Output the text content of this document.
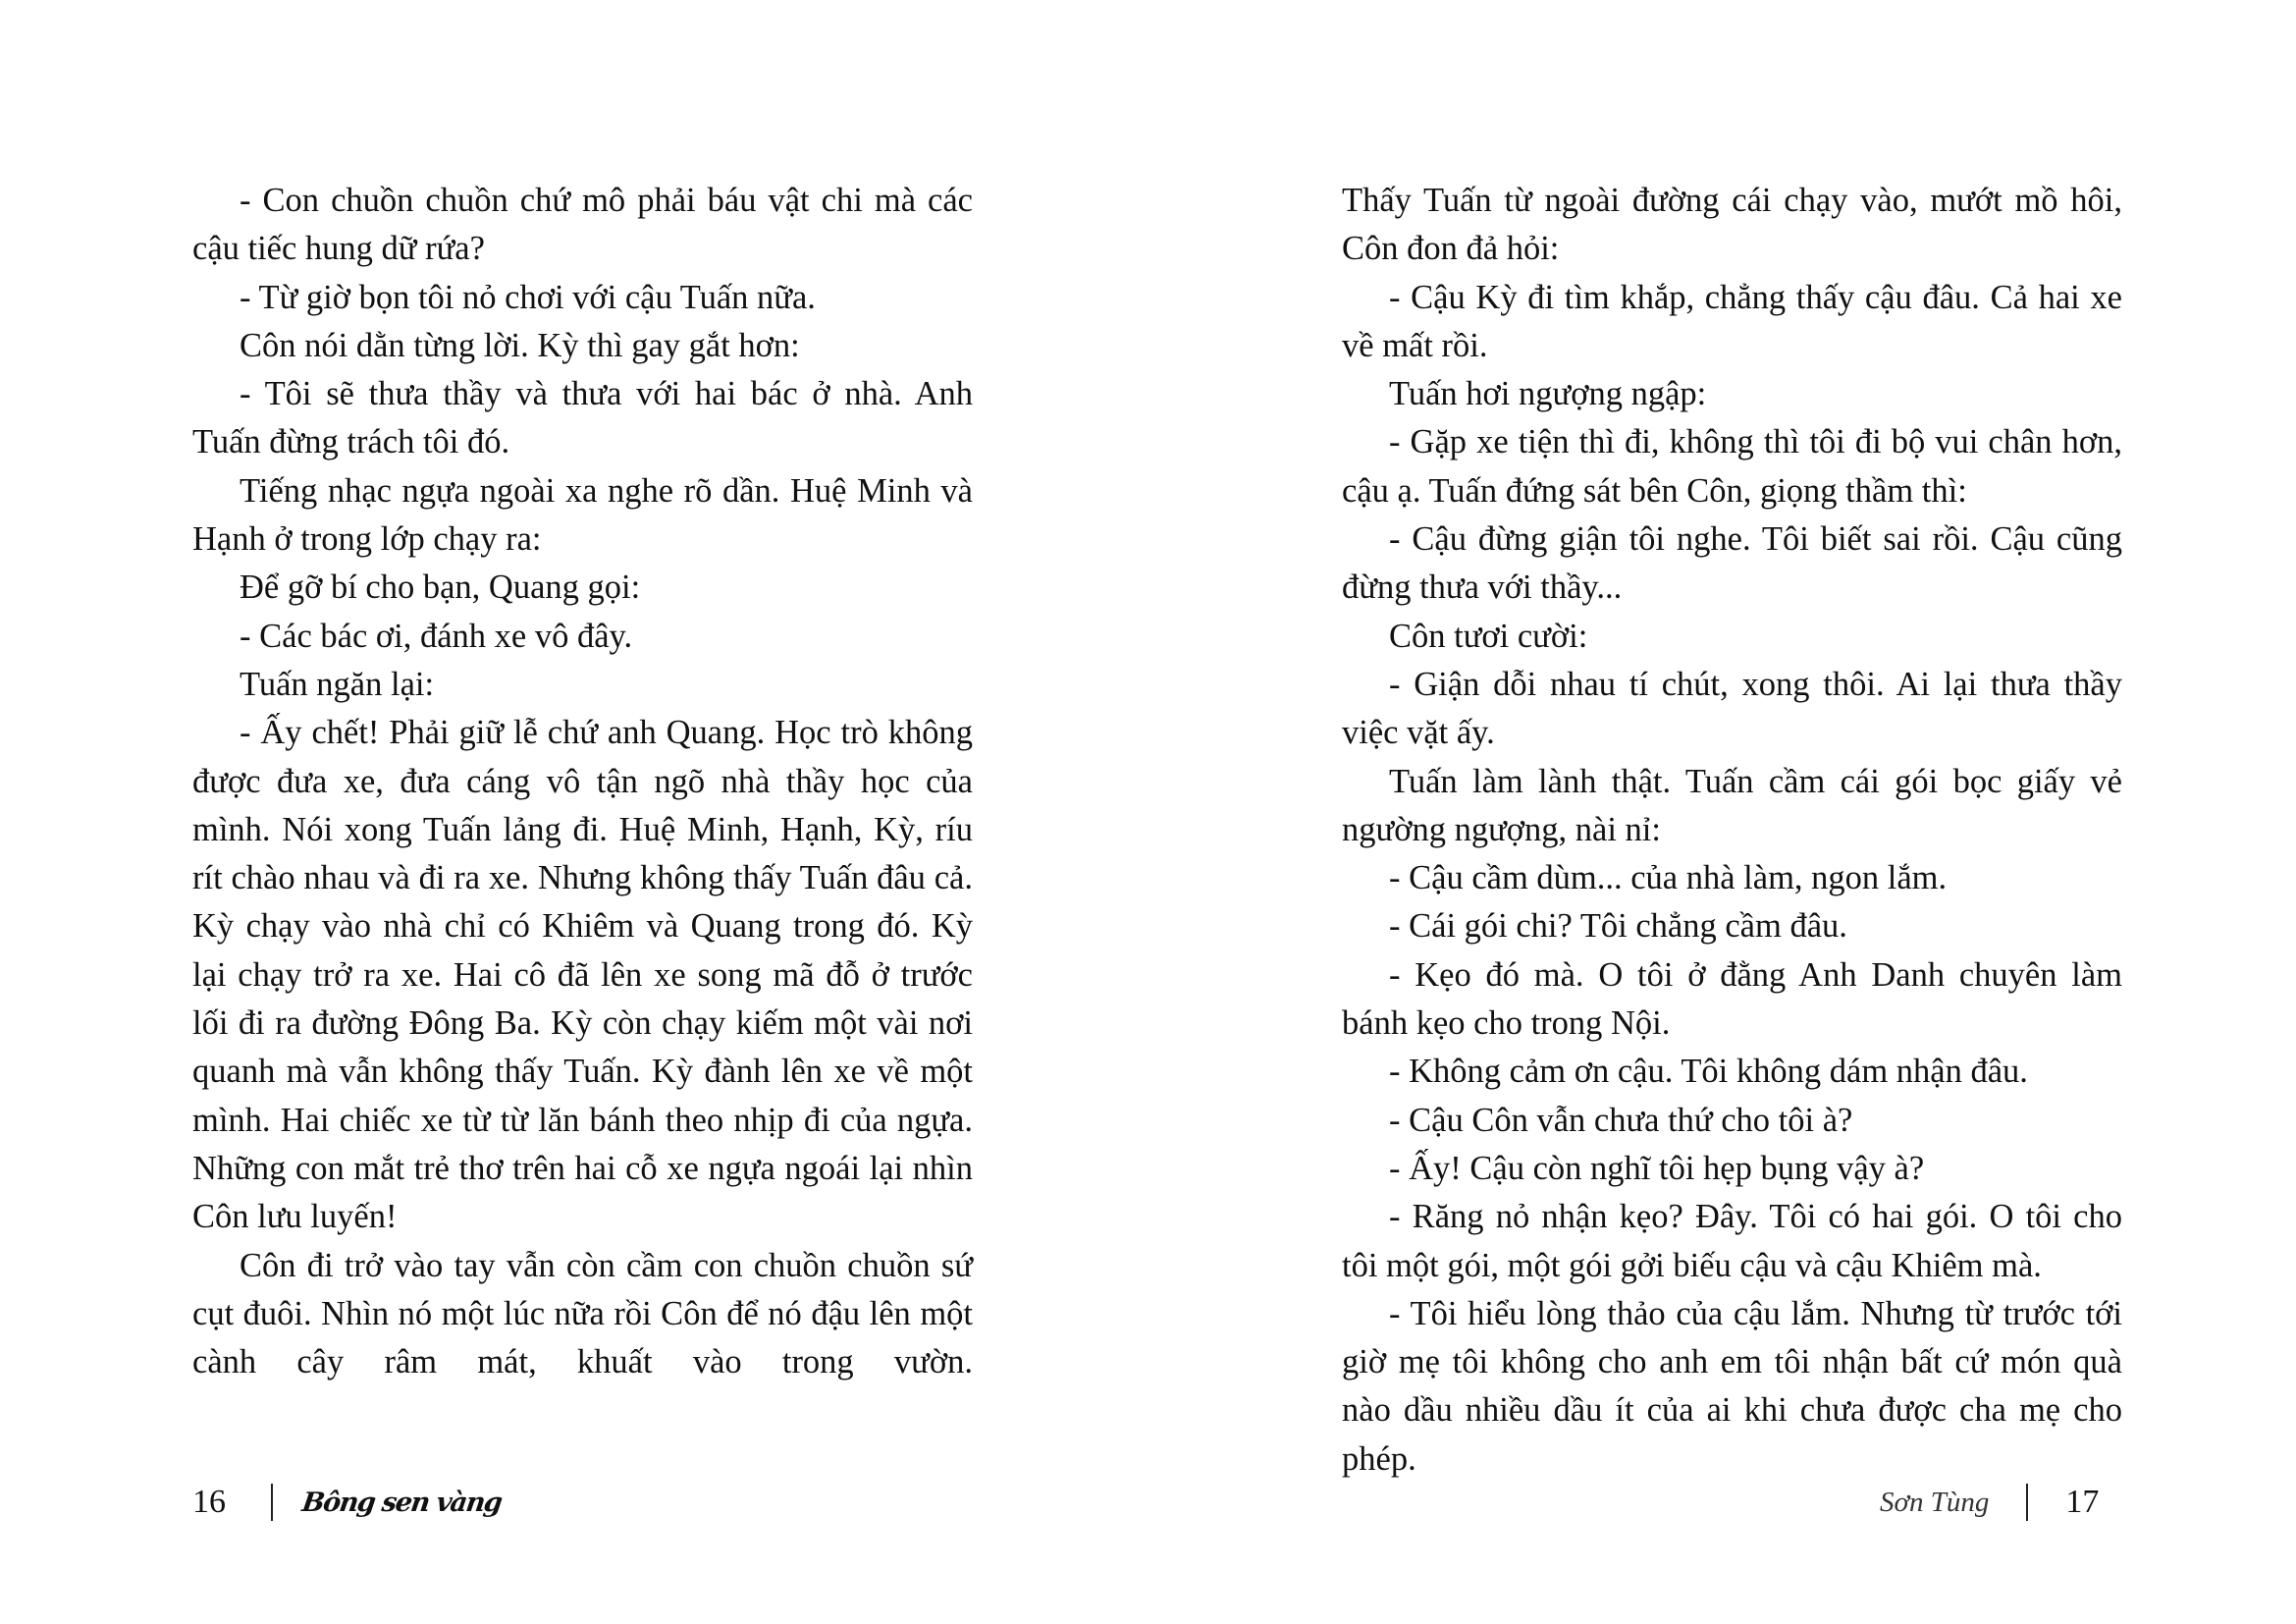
- Con chuồn chuồn chứ mô phải báu vật chi mà các cậu tiếc hung dữ rứa?

- Từ giờ bọn tôi nỏ chơi với cậu Tuấn nữa.

Côn nói dằn từng lời. Kỳ thì gay gắt hơn:

- Tôi sẽ thưa thầy và thưa với hai bác ở nhà. Anh Tuấn đừng trách tôi đó.

Tiếng nhạc ngựa ngoài xa nghe rõ dần. Huệ Minh và Hạnh ở trong lớp chạy ra:

Để gỡ bí cho bạn, Quang gọi:

- Các bác ơi, đánh xe vô đây.

Tuấn ngăn lại:

- Ấy chết! Phải giữ lễ chứ anh Quang. Học trò không được đưa xe, đưa cáng vô tận ngõ nhà thầy học của mình. Nói xong Tuấn lảng đi. Huệ Minh, Hạnh, Kỳ, ríu rít chào nhau và đi ra xe. Nhưng không thấy Tuấn đâu cả. Kỳ chạy vào nhà chỉ có Khiêm và Quang trong đó. Kỳ lại chạy trở ra xe. Hai cô đã lên xe song mã đỗ ở trước lối đi ra đường Đông Ba. Kỳ còn chạy kiếm một vài nơi quanh mà vẫn không thấy Tuấn. Kỳ đành lên xe về một mình. Hai chiếc xe từ từ lăn bánh theo nhịp đi của ngựa. Những con mắt trẻ thơ trên hai cỗ xe ngựa ngoái lại nhìn Côn lưu luyến!

Côn đi trở vào tay vẫn còn cầm con chuồn chuồn sứ cụt đuôi. Nhìn nó một lúc nữa rồi Côn để nó đậu lên một cành cây râm mát, khuất vào trong vườn.

Thấy Tuấn từ ngoài đường cái chạy vào, mướt mồ hôi, Côn đon đả hỏi:

- Cậu Kỳ đi tìm khắp, chẳng thấy cậu đâu. Cả hai xe về mất rồi.

Tuấn hơi ngượng ngập:

- Gặp xe tiện thì đi, không thì tôi đi bộ vui chân hơn, cậu ạ. Tuấn đứng sát bên Côn, giọng thầm thì:

- Cậu đừng giận tôi nghe. Tôi biết sai rồi. Cậu cũng đừng thưa với thầy...

Côn tươi cười:

- Giận dỗi nhau tí chút, xong thôi. Ai lại thưa thầy việc vặt ấy.

Tuấn làm lành thật. Tuấn cầm cái gói bọc giấy vẻ ngường ngượng, nài nỉ:

- Cậu cầm dùm... của nhà làm, ngon lắm.

- Cái gói chi? Tôi chẳng cầm đâu.

- Kẹo đó mà. O tôi ở đằng Anh Danh chuyên làm bánh kẹo cho trong Nội.

- Không cảm ơn cậu. Tôi không dám nhận đâu.

- Cậu Côn vẫn chưa thứ cho tôi à?

- Ấy! Cậu còn nghĩ tôi hẹp bụng vậy à?

- Răng nỏ nhận kẹo? Đây. Tôi có hai gói. O tôi cho tôi một gói, một gói gởi biếu cậu và cậu Khiêm mà.

- Tôi hiểu lòng thảo của cậu lắm. Nhưng từ trước tới giờ mẹ tôi không cho anh em tôi nhận bất cứ món quà nào dầu nhiều dầu ít của ai khi chưa được cha mẹ cho phép.

16	Bông sen vàng	Sơn Tùng 17
